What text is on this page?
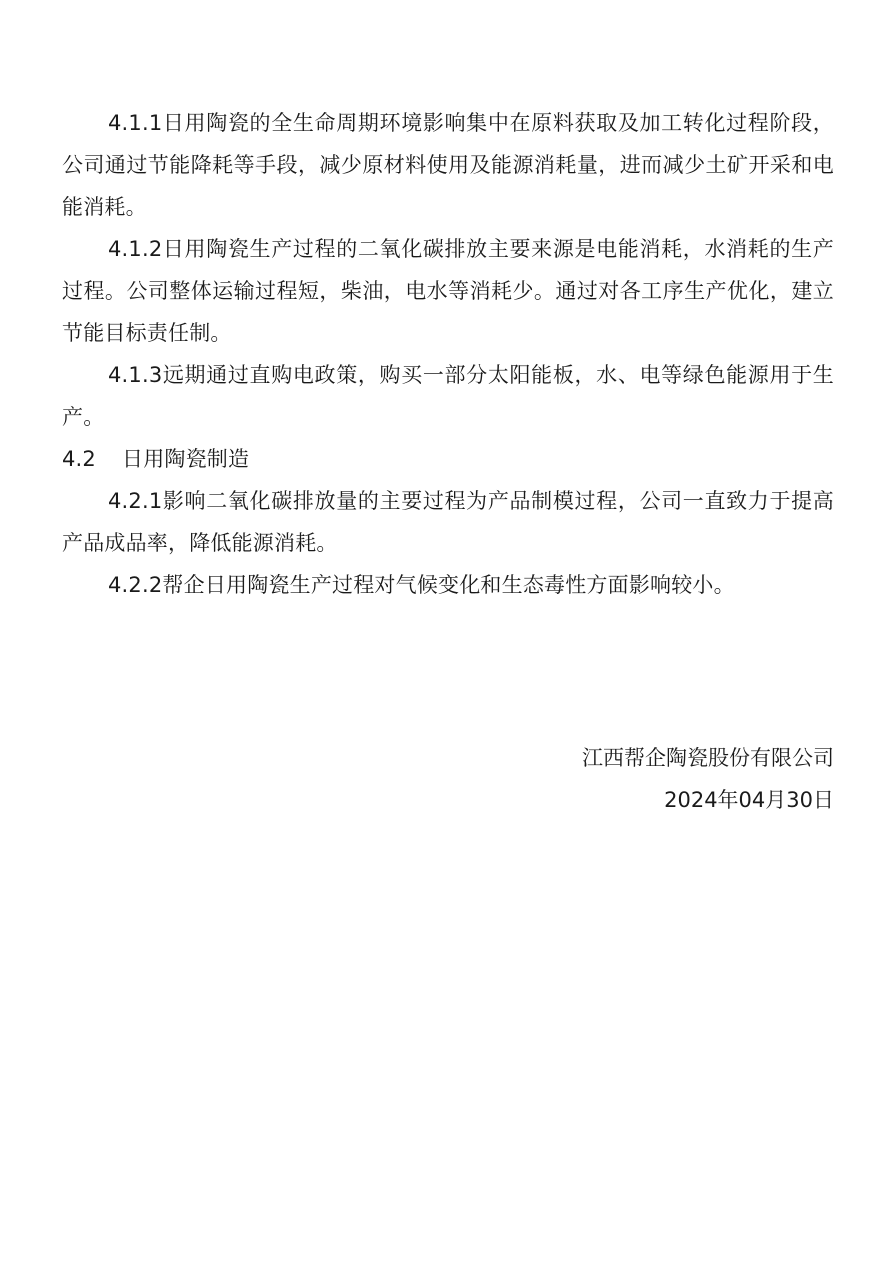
4.1.1日用陶瓷的全生命周期环境影响集中在原料获取及加工转化过程阶段，公司通过节能降耗等手段，减少原材料使用及能源消耗量，进而减少土矿开采和电能消耗。

4.1.2日用陶瓷生产过程的二氧化碳排放主要来源是电能消耗，水消耗的生产过程。公司整体运输过程短，柴油，电水等消耗少。通过对各工序生产优化，建立节能目标责任制。

4.1.3远期通过直购电政策，购买一部分太阳能板，水、电等绿色能源用于生产。

4.2 日用陶瓷制造

4.2.1影响二氧化碳排放量的主要过程为产品制模过程，公司一直致力于提高产品成品率，降低能源消耗。

4.2.2帮企日用陶瓷生产过程对气候变化和生态毒性方面影响较小。

江西帮企陶瓷股份有限公司
2024年04月30日
